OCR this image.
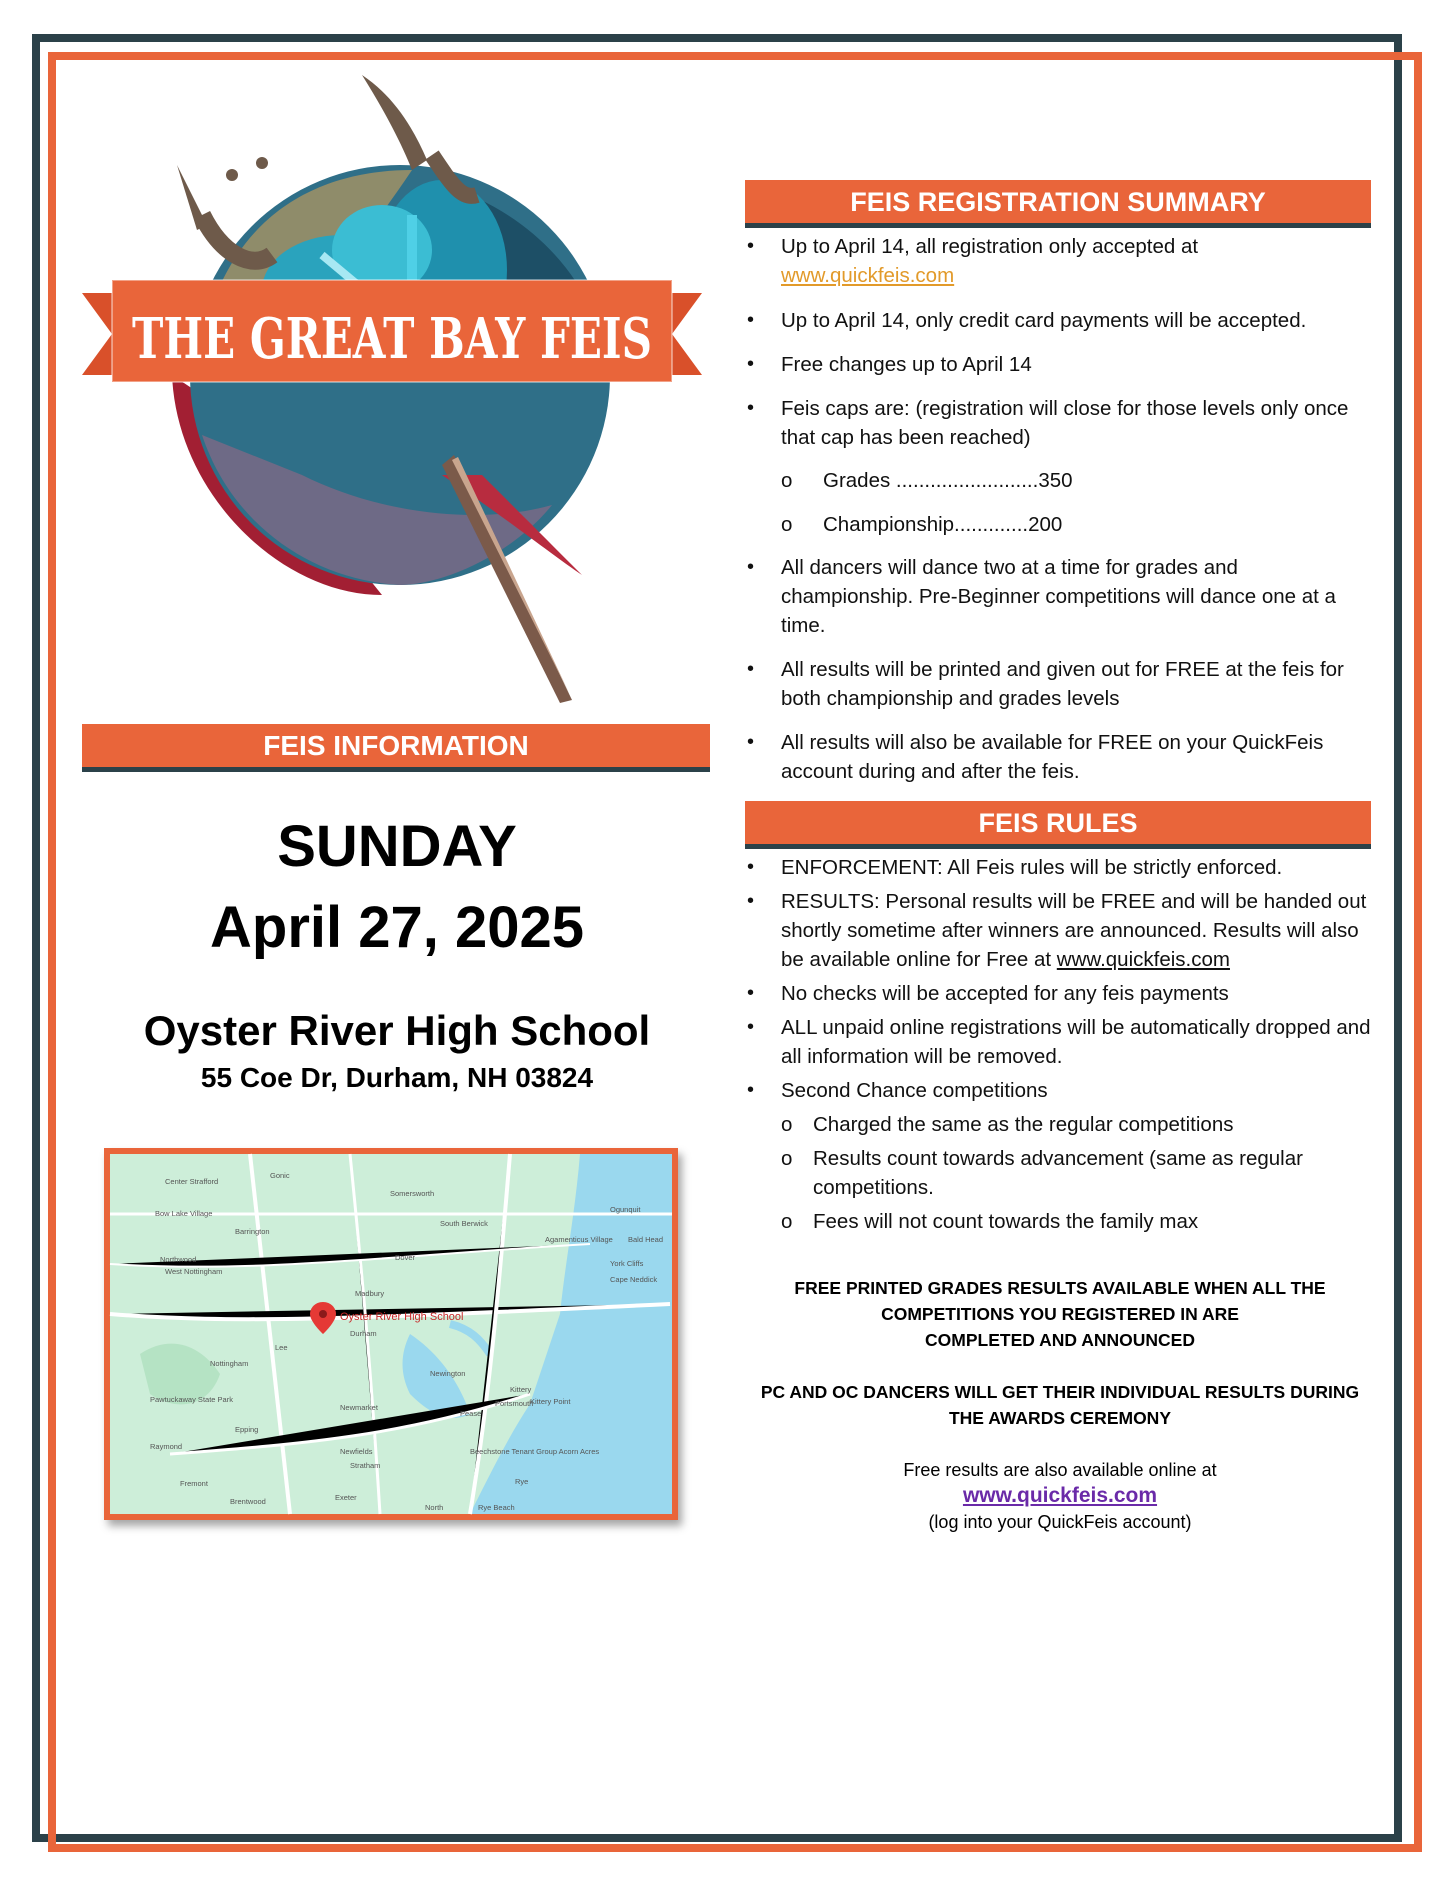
THE GREAT BAY FEIS
FEIS INFORMATION
SUNDAY
April 27, 2025
Oyster River High School
55 Coe Dr, Durham, NH 03824
Oyster River High School
Center Strafford
Gonic
Somersworth
Bow Lake Village
Barrington
South Berwick
Ogunquit
Bald Head
Northwood
West Nottingham
Dover
Agamenticus Village
York Cliffs
Cape Neddick
Madbury
Durham
Lee
Nottingham
Newington
Kittery
Kittery Point
Portsmouth
Pease
Pawtuckaway State Park
Newmarket
Epping
Raymond
Newfields
Stratham
Beechstone Tenant Group Acorn Acres
Fremont
Brentwood	Exeter
North
Rye
Rye Beach
FEIS REGISTRATION SUMMARY
• Up to April 14, all registration only accepted at
www.quickfeis.com
• Up to April 14, only credit card payments will be accepted.
• Free changes up to April 14
• Feis caps are: (registration will close for those levels only once that cap has been reached)
o Grades .........................350
o Championship.............200
• All dancers will dance two at a time for grades and championship. Pre-Beginner competitions will dance one at a time.
• All results will be printed and given out for FREE at the feis for both championship and grades levels
• All results will also be available for FREE on your QuickFeis account during and after the feis.
FEIS RULES
• ENFORCEMENT: All Feis rules will be strictly enforced.
• RESULTS: Personal results will be FREE and will be handed out shortly sometime after winners are announced. Results will also be available online for Free at www.quickfeis.com
• No checks will be accepted for any feis payments
• ALL unpaid online registrations will be automatically dropped and all information will be removed.
• Second Chance competitions
o Charged the same as the regular competitions
o Results count towards advancement (same as regular competitions.
o Fees will not count towards the family max
FREE PRINTED GRADES RESULTS AVAILABLE WHEN ALL THE
COMPETITIONS YOU REGISTERED IN ARE
COMPLETED AND ANNOUNCED
PC AND OC DANCERS WILL GET THEIR INDIVIDUAL RESULTS DURING
THE AWARDS CEREMONY
Free results are also available online at
www.quickfeis.com
(log into your QuickFeis account)
